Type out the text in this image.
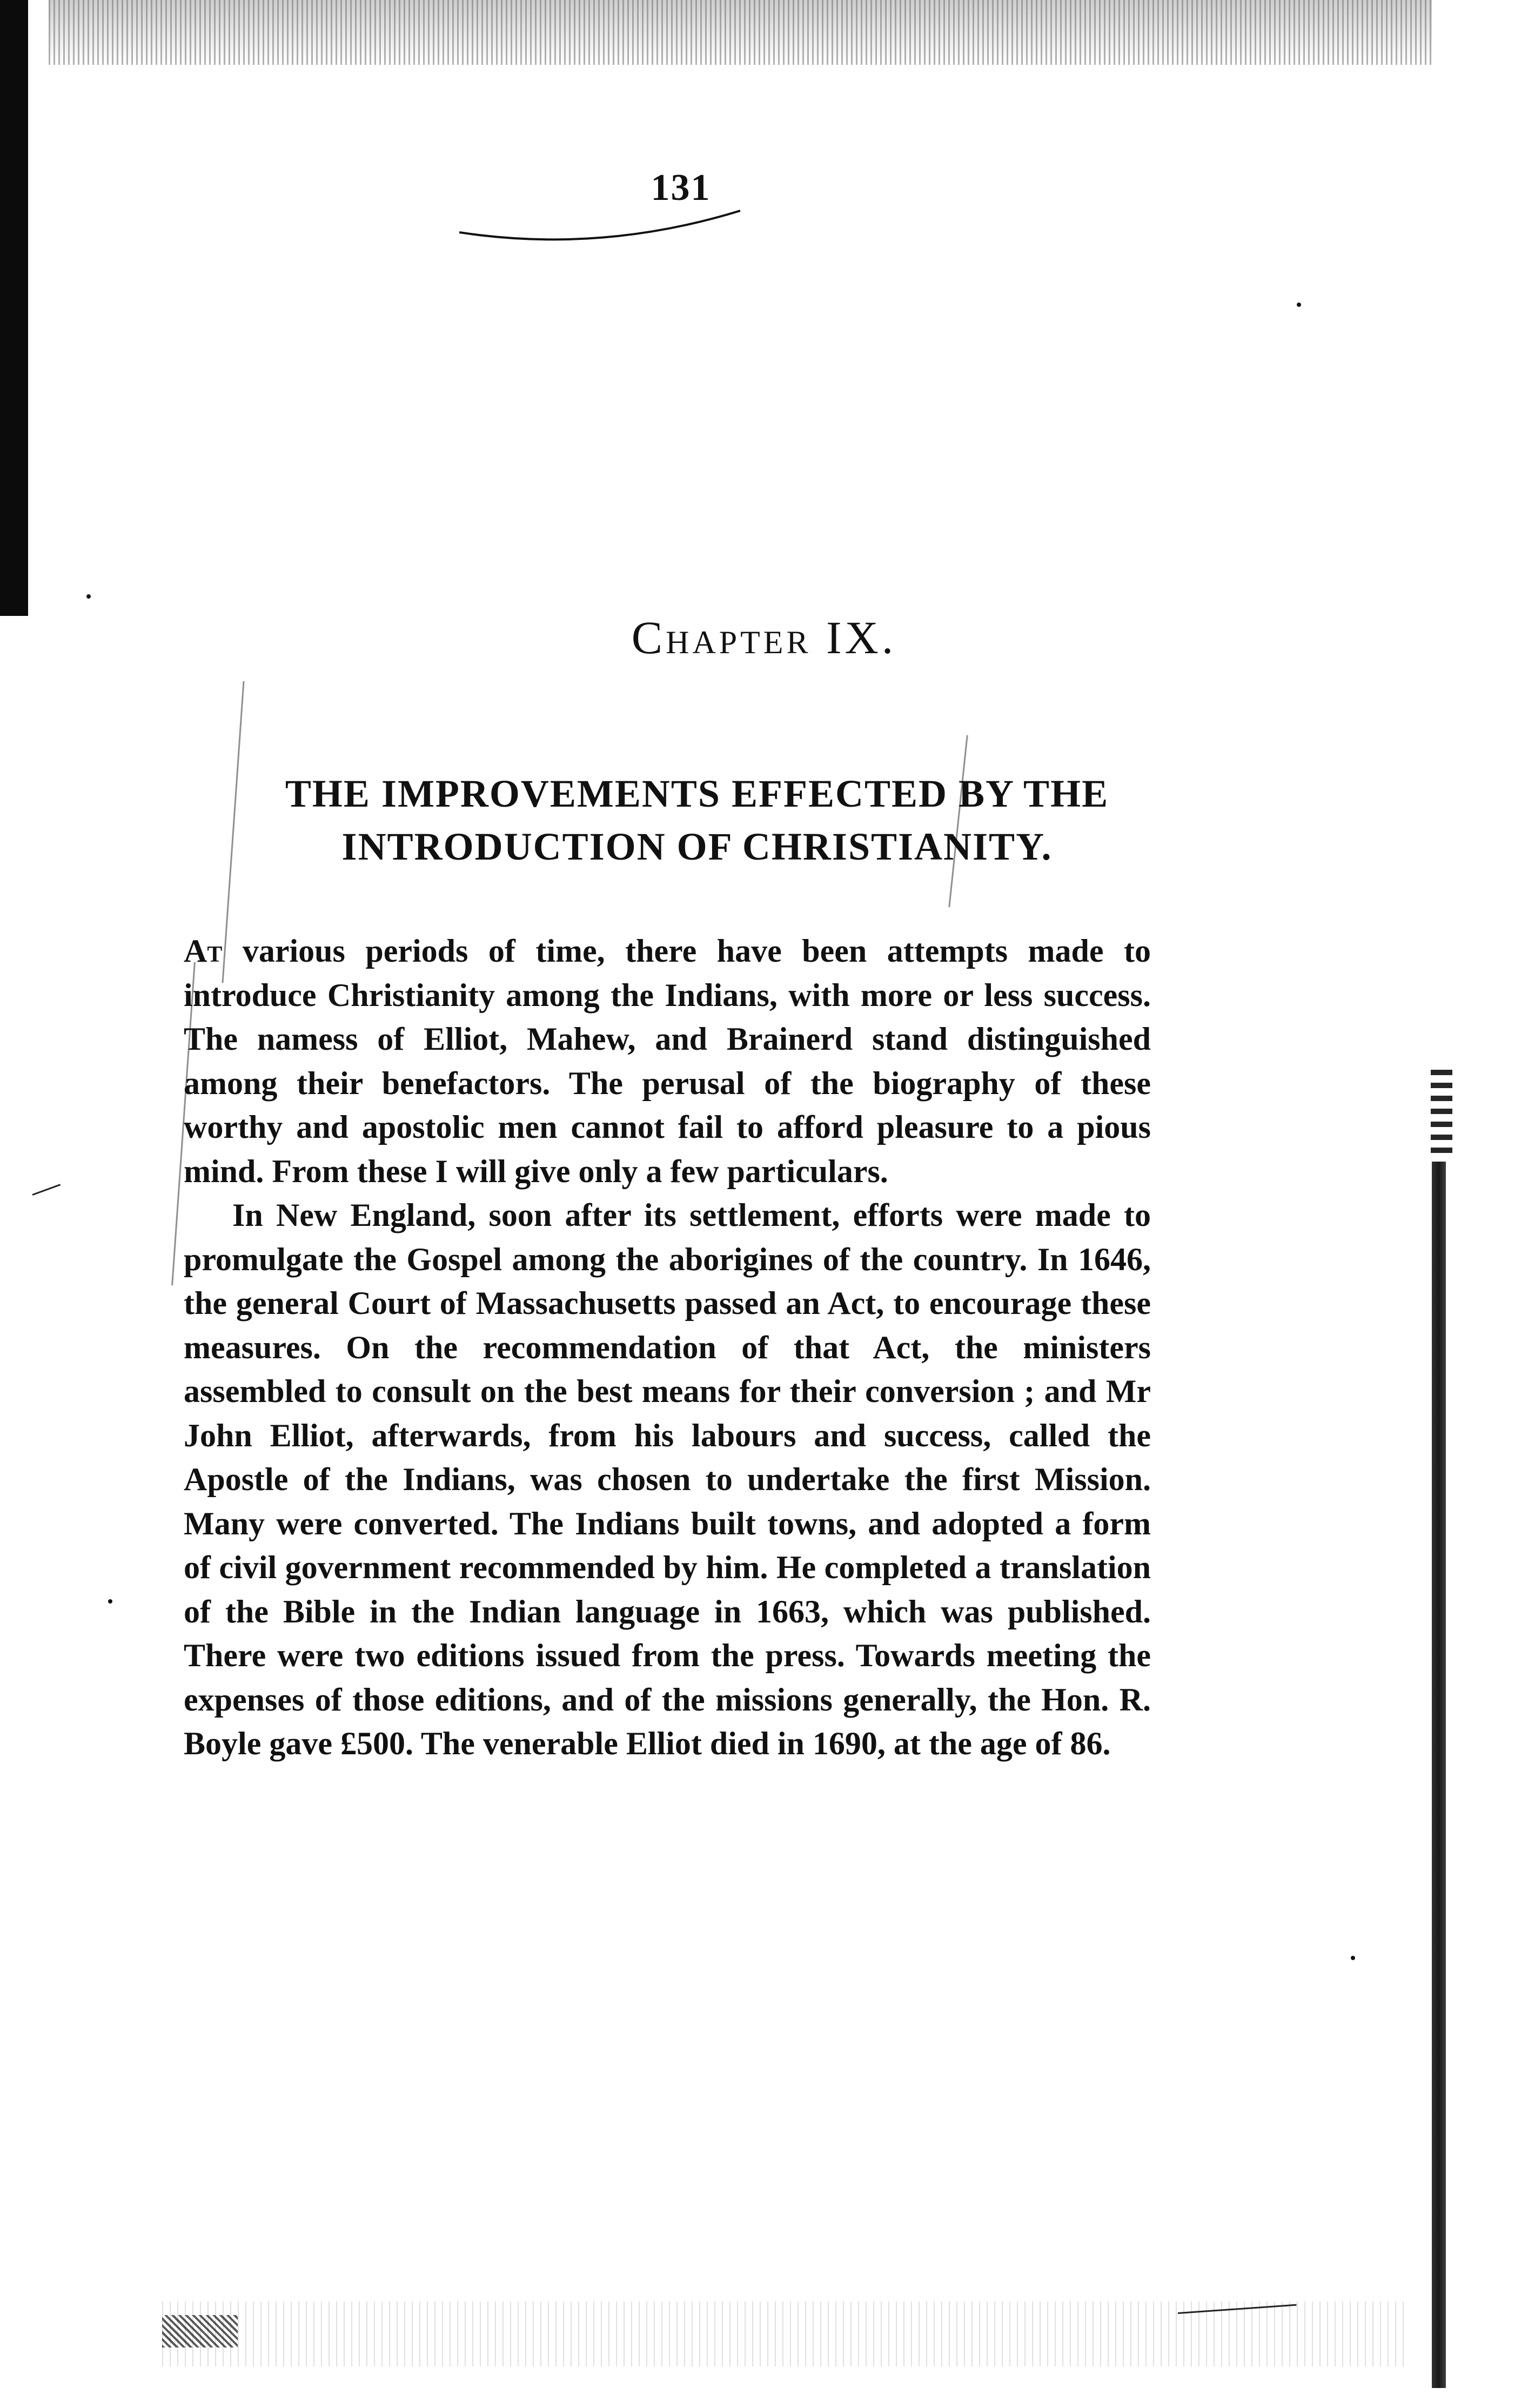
131
Chapter IX.
THE IMPROVEMENTS EFFECTED BY THE INTRODUCTION OF CHRISTIANITY.

At various periods of time, there have been attempts made to introduce Christianity among the Indians, with more or less success. The namess of Elliot, Mahew, and Brainerd stand distinguished among their benefactors. The perusal of the biography of these worthy and apostolic men cannot fail to afford pleasure to a pious mind. From these I will give only a few particulars.

In New England, soon after its settlement, efforts were made to promulgate the Gospel among the aborigines of the country. In 1646, the general Court of Massachusetts passed an Act, to encourage these measures. On the recommendation of that Act, the ministers assembled to consult on the best means for their conversion ; and Mr John Elliot, afterwards, from his labours and success, called the Apostle of the Indians, was chosen to undertake the first Mission. Many were converted. The Indians built towns, and adopted a form of civil government recommended by him. He completed a translation of the Bible in the Indian language in 1663, which was published. There were two editions issued from the press. Towards meeting the expenses of those editions, and of the missions generally, the Hon. R. Boyle gave £500. The venerable Elliot died in 1690, at the age of 86.
